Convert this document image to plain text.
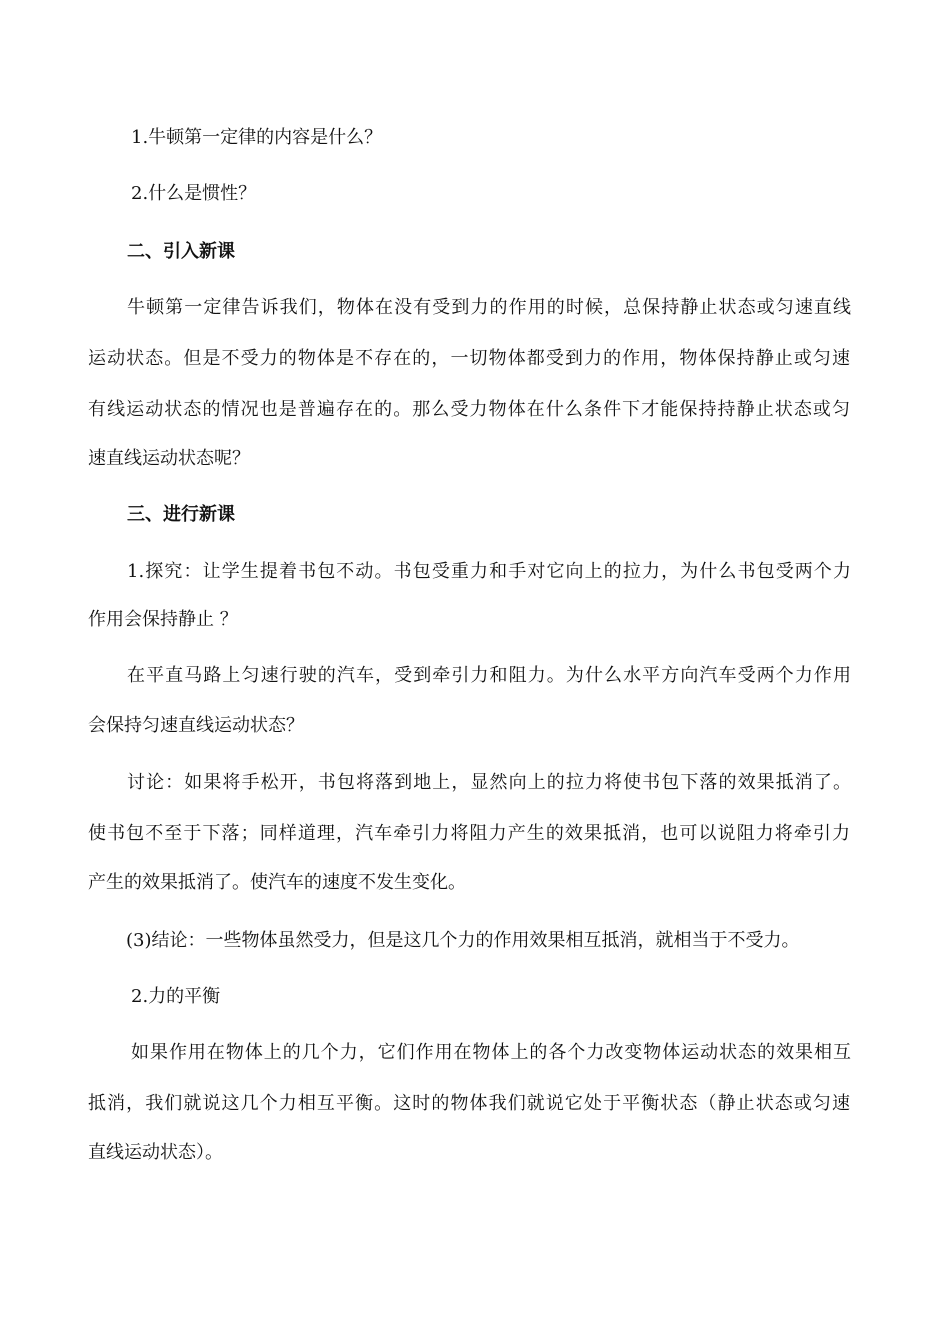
1.牛顿第一定律的内容是什么？
2.什么是惯性？
二、引入新课
牛顿第一定律告诉我们，物体在没有受到力的作用的时候，总保持静止状态或匀速直线
运动状态。但是不受力的物体是不存在的，一切物体都受到力的作用，物体保持静止或匀速
有线运动状态的情况也是普遍存在的。那么受力物体在什么条件下才能保持持静止状态或匀
速直线运动状态呢？
三、进行新课
1.探究：让学生提着书包不动。书包受重力和手对它向上的拉力，为什么书包受两个力
作用会保持静止 ？
在平直马路上匀速行驶的汽车，受到牵引力和阻力。为什么水平方向汽车受两个力作用
会保持匀速直线运动状态？
讨论：如果将手松开，书包将落到地上，显然向上的拉力将使书包下落的效果抵消了。
使书包不至于下落；同样道理，汽车牵引力将阻力产生的效果抵消，也可以说阻力将牵引力
产生的效果抵消了。使汽车的速度不发生变化。
(3)结论：一些物体虽然受力，但是这几个力的作用效果相互抵消，就相当于不受力。
2.力的平衡
如果作用在物体上的几个力，它们作用在物体上的各个力改变物体运动状态的效果相互
抵消，我们就说这几个力相互平衡。这时的物体我们就说它处于平衡状态（静止状态或匀速
直线运动状态）。
